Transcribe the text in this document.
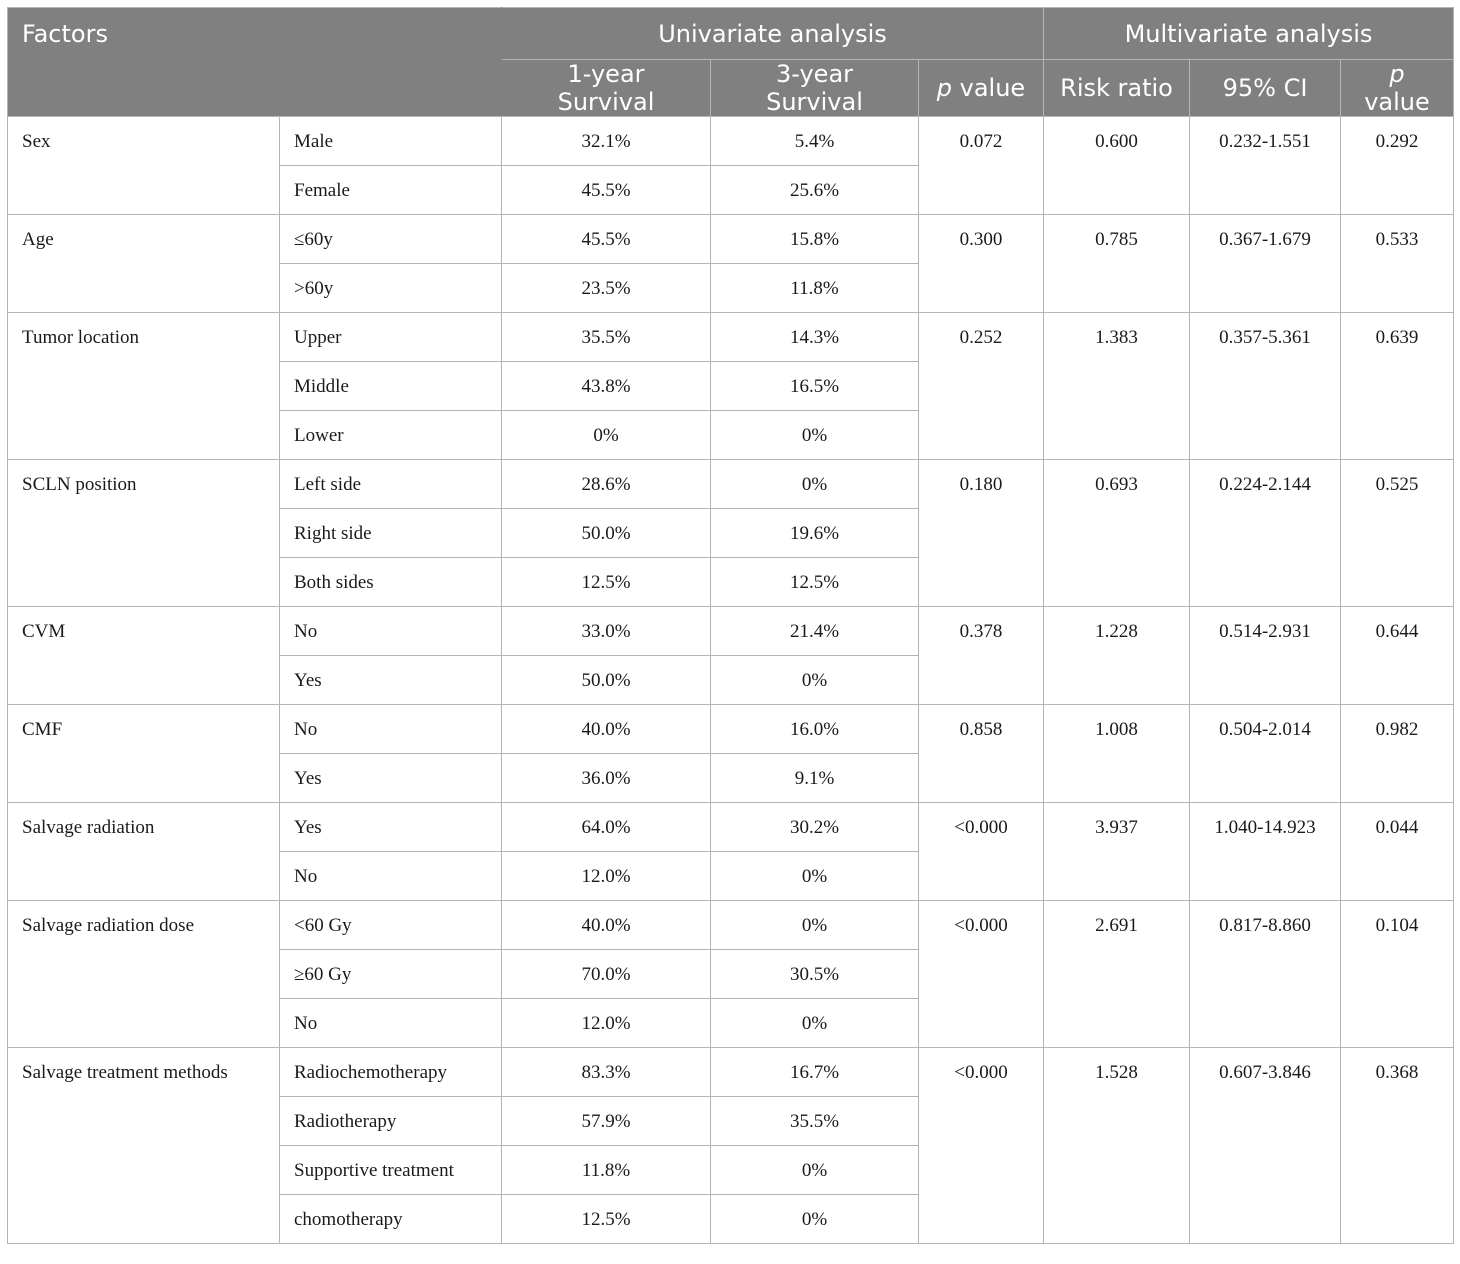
Factors		Univariate analysis			Multivariate analysis		
		1-year Survival	3-year Survival	p value	Risk ratio	95% CI	p value
Sex	Male	32.1%	5.4%	0.072	0.600	0.232-1.551	0.292
	Female	45.5%	25.6%				
Age	≤60y	45.5%	15.8%	0.300	0.785	0.367-1.679	0.533
	>60y	23.5%	11.8%				
Tumor location	Upper	35.5%	14.3%	0.252	1.383	0.357-5.361	0.639
	Middle	43.8%	16.5%				
	Lower	0%	0%				
SCLN position	Left side	28.6%	0%	0.180	0.693	0.224-2.144	0.525
	Right side	50.0%	19.6%				
	Both sides	12.5%	12.5%				
CVM	No	33.0%	21.4%	0.378	1.228	0.514-2.931	0.644
	Yes	50.0%	0%				
CMF	No	40.0%	16.0%	0.858	1.008	0.504-2.014	0.982
	Yes	36.0%	9.1%				
Salvage radiation	Yes	64.0%	30.2%	<0.000	3.937	1.040-14.923	0.044
	No	12.0%	0%				
Salvage radiation dose	<60 Gy	40.0%	0%	<0.000	2.691	0.817-8.860	0.104
	≥60 Gy	70.0%	30.5%				
	No	12.0%	0%				
Salvage treatment methods	Radiochemotherapy	83.3%	16.7%	<0.000	1.528	0.607-3.846	0.368
	Radiotherapy	57.9%	35.5%				
	Supportive treatment	11.8%	0%				
	chomotherapy	12.5%	0%				
